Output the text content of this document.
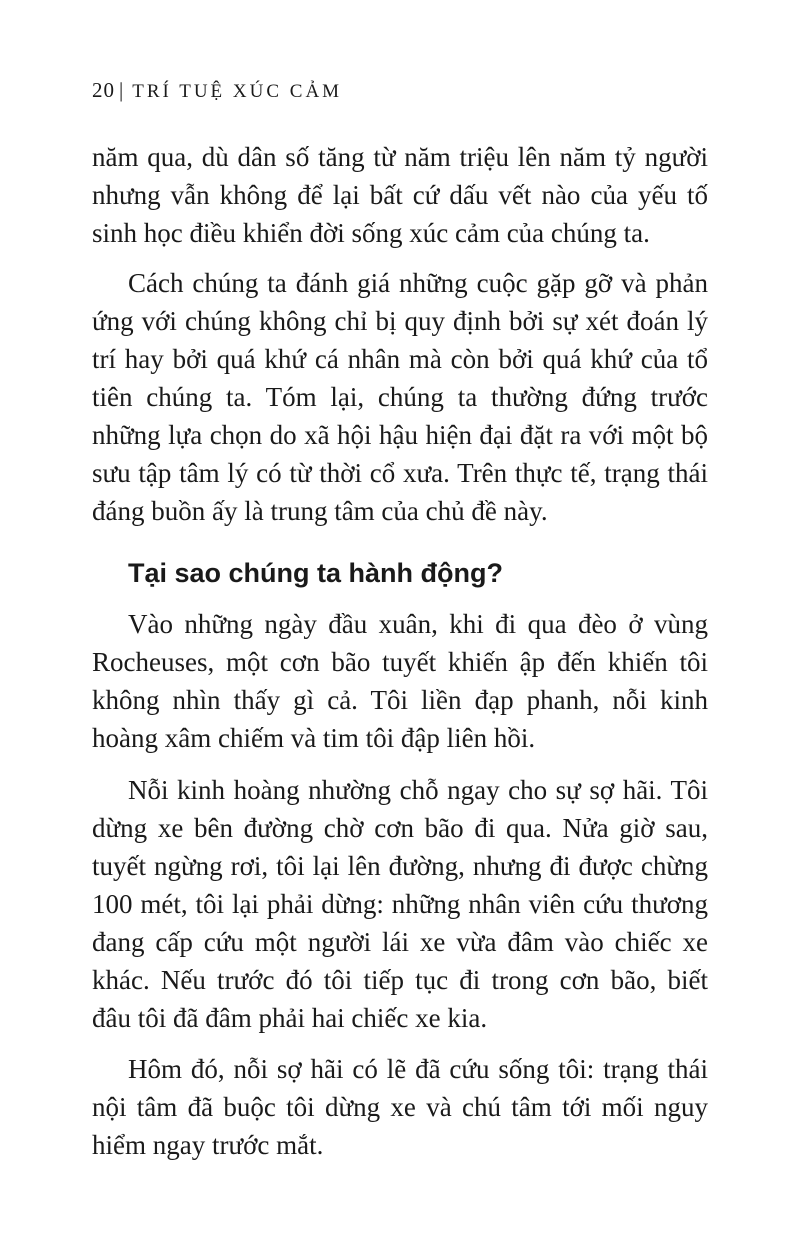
20 | TRÍ TUỆ XÚC CẢM
năm qua, dù dân số tăng từ năm triệu lên năm tỷ người
nhưng vẫn không để lại bất cứ dấu vết nào của yếu tố
sinh học điều khiển đời sống xúc cảm của chúng ta.
Cách chúng ta đánh giá những cuộc gặp gỡ và phản
ứng với chúng không chỉ bị quy định bởi sự xét đoán lý
trí hay bởi quá khứ cá nhân mà còn bởi quá khứ của tổ
tiên chúng ta. Tóm lại, chúng ta thường đứng trước
những lựa chọn do xã hội hậu hiện đại đặt ra với một bộ
sưu tập tâm lý có từ thời cổ xưa. Trên thực tế, trạng thái
đáng buồn ấy là trung tâm của chủ đề này.
Tại sao chúng ta hành động?
Vào những ngày đầu xuân, khi đi qua đèo ở vùng
Rocheuses, một cơn bão tuyết khiến ập đến khiến tôi
không nhìn thấy gì cả. Tôi liền đạp phanh, nỗi kinh
hoàng xâm chiếm và tim tôi đập liên hồi.
Nỗi kinh hoàng nhường chỗ ngay cho sự sợ hãi. Tôi
dừng xe bên đường chờ cơn bão đi qua. Nửa giờ sau,
tuyết ngừng rơi, tôi lại lên đường, nhưng đi được chừng
100 mét, tôi lại phải dừng: những nhân viên cứu thương
đang cấp cứu một người lái xe vừa đâm vào chiếc xe
khác. Nếu trước đó tôi tiếp tục đi trong cơn bão, biết
đâu tôi đã đâm phải hai chiếc xe kia.
Hôm đó, nỗi sợ hãi có lẽ đã cứu sống tôi: trạng thái
nội tâm đã buộc tôi dừng xe và chú tâm tới mối nguy
hiểm ngay trước mắt.
